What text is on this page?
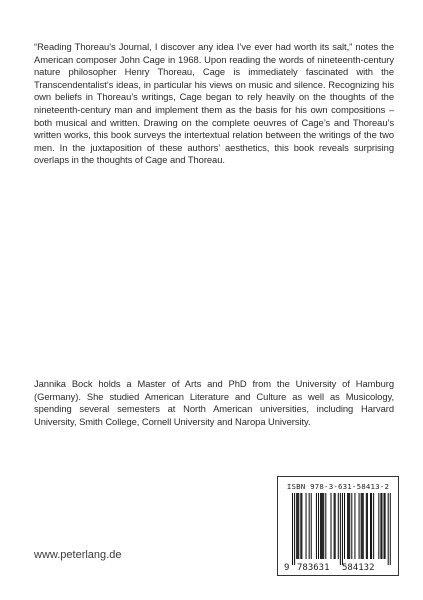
“Reading Thoreau’s Journal, I discover any idea I’ve ever had worth its salt,” notes the American composer John Cage in 1968. Upon reading the words of nineteenth-century nature philosopher Henry Thoreau, Cage is immediately fascinated with the Transcendentalist’s ideas, in particular his views on music and silence. Recognizing his own beliefs in Thoreau’s writings, Cage began to rely heavily on the thoughts of the nineteenth-century man and implement them as the basis for his own compositions – both musical and written. Drawing on the complete oeuvres of Cage’s and Thoreau’s written works, this book surveys the intertextual relation between the writings of the two men. In the juxtaposition of these authors’ aesthetics, this book reveals surprising overlaps in the thoughts of Cage and Thoreau.

Jannika Bock holds a Master of Arts and PhD from the University of Hamburg (Germany). She studied American Literature and Culture as well as Musicology, spending several semesters at North American universities, including Harvard University, Smith College, Cornell University and Naropa University.

www.peterlang.de

ISBN 978-3-631-58413-2
9 783631 584132
